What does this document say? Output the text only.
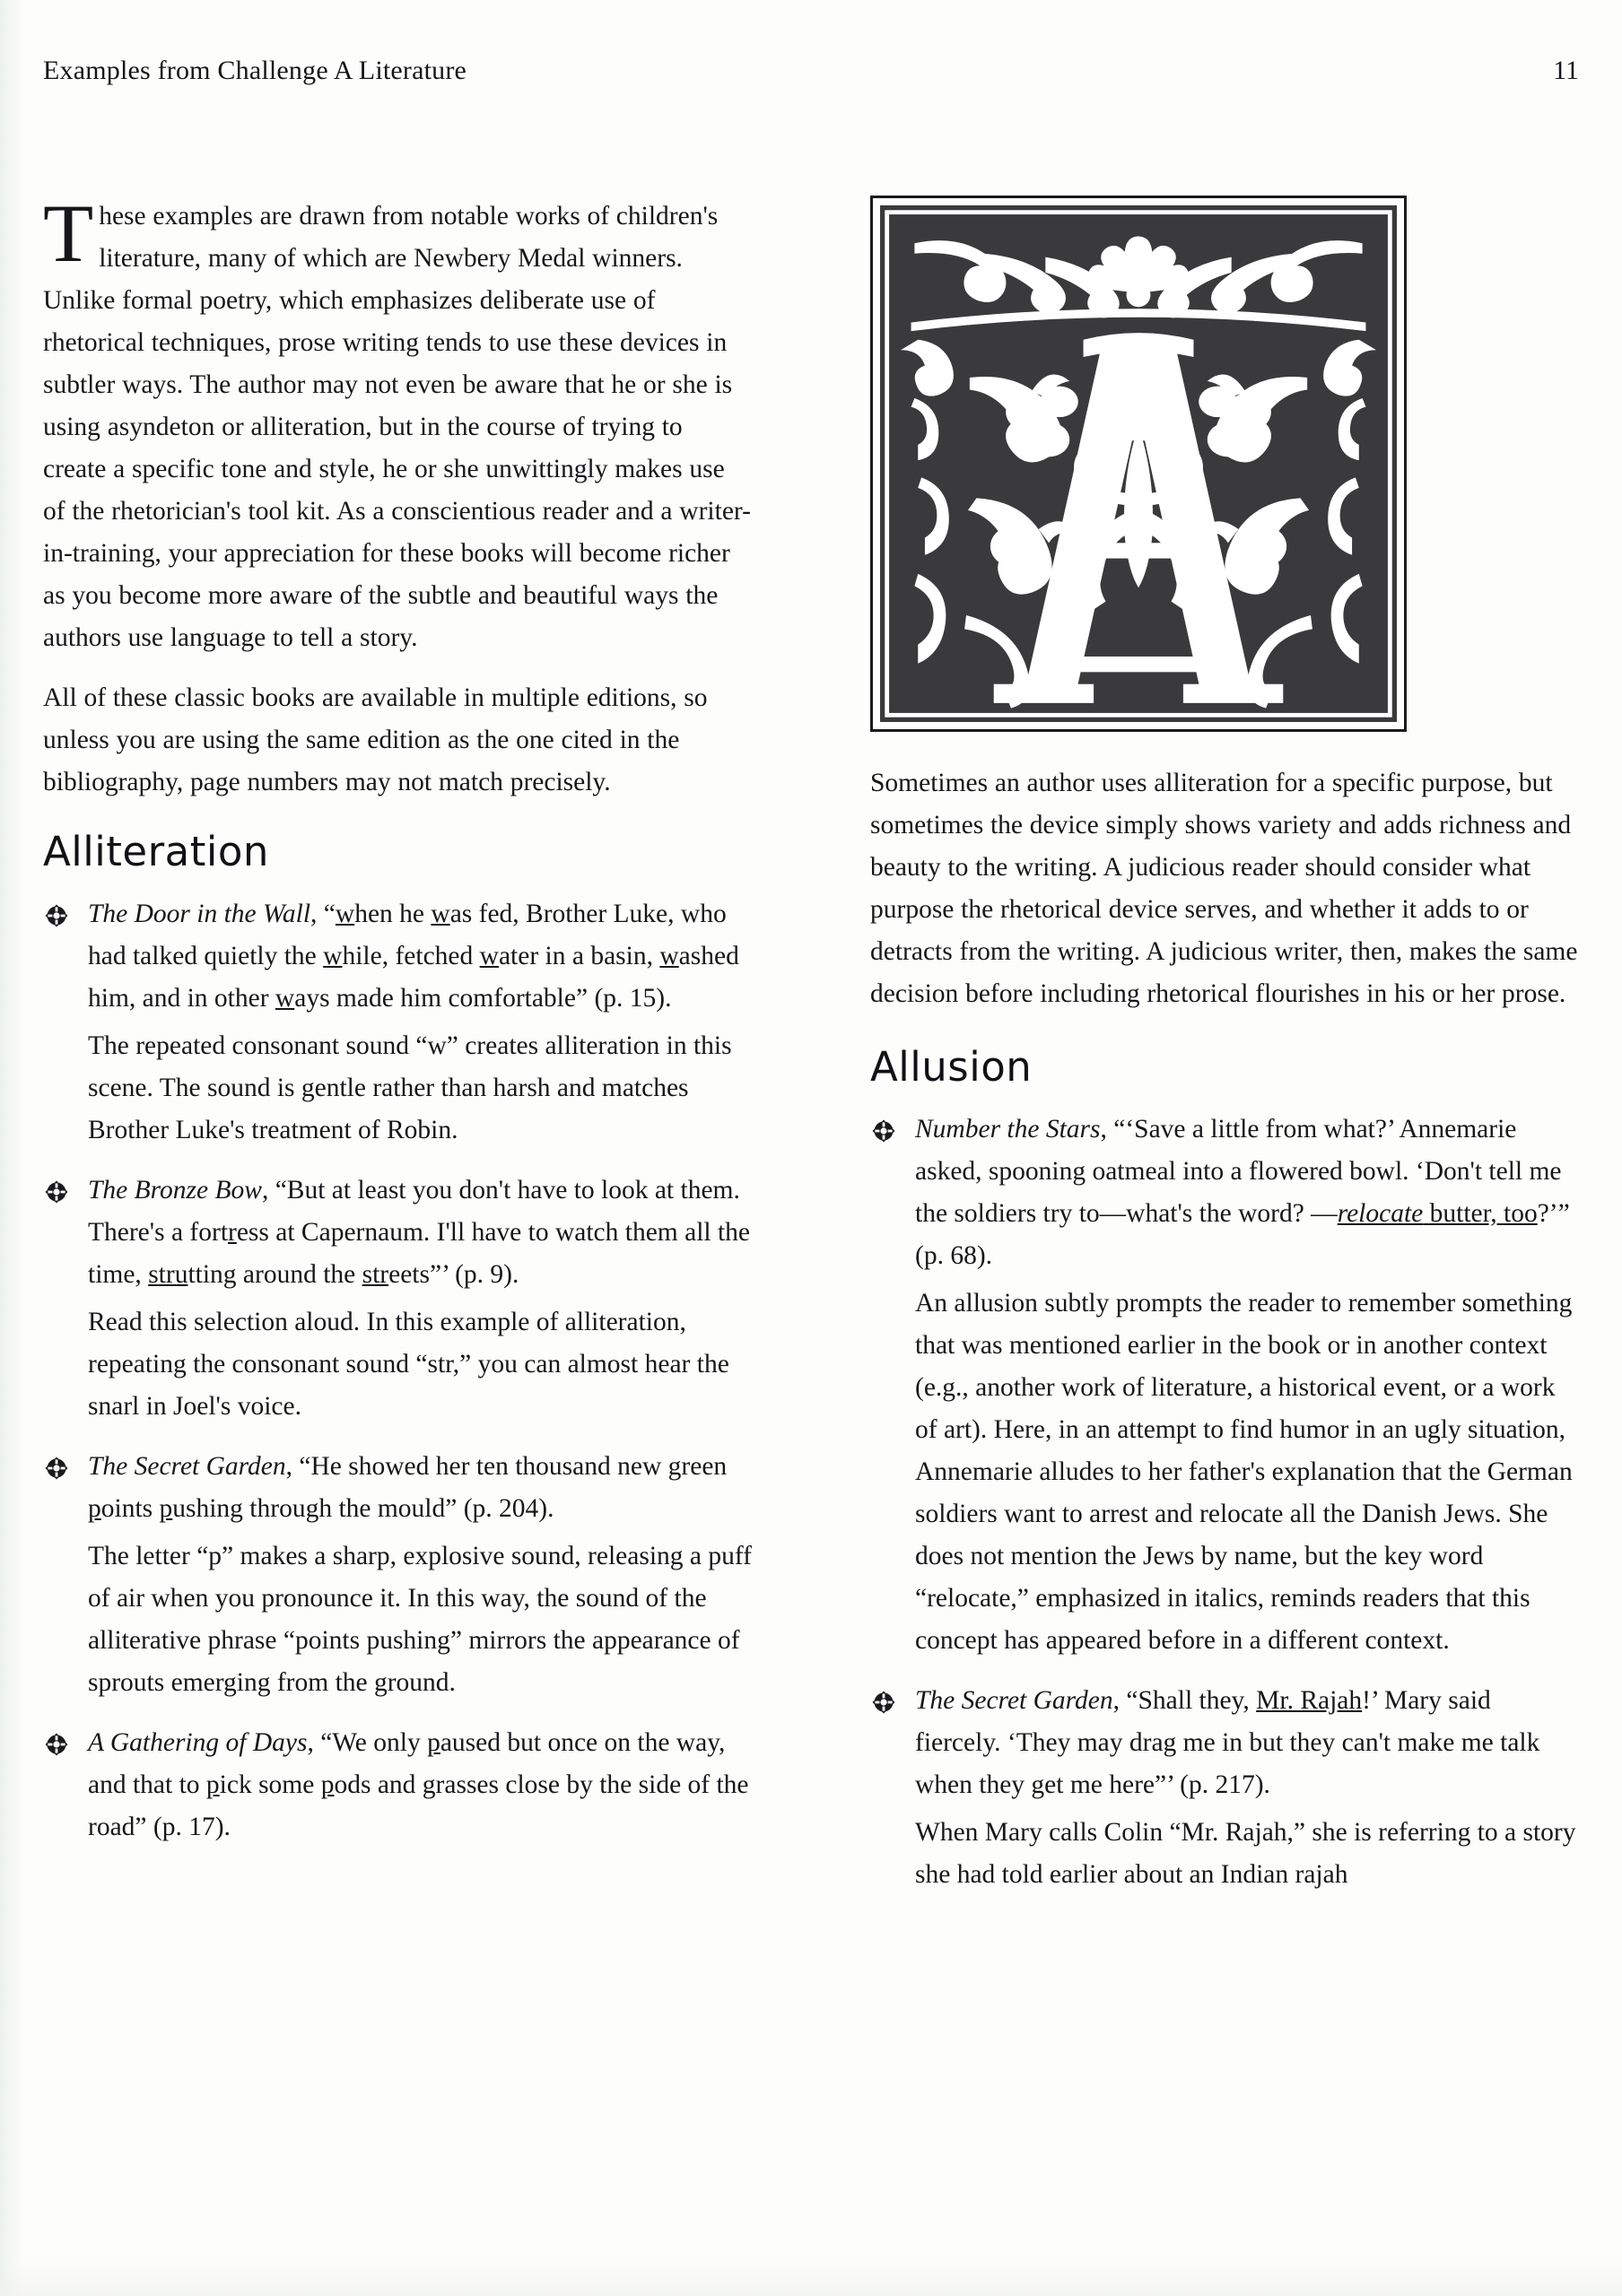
Examples from Challenge A Literature	11

These examples are drawn from notable works of children's literature, many of which are Newbery Medal winners. Unlike formal poetry, which emphasizes deliberate use of rhetorical techniques, prose writing tends to use these devices in subtler ways. The author may not even be aware that he or she is using asyndeton or alliteration, but in the course of trying to create a specific tone and style, he or she unwittingly makes use of the rhetorician's tool kit. As a conscientious reader and a writer-in-training, your appreciation for these books will become richer as you become more aware of the subtle and beautiful ways the authors use language to tell a story.

All of these classic books are available in multiple editions, so unless you are using the same edition as the one cited in the bibliography, page numbers may not match precisely.

Alliteration

The Door in the Wall, “when he was fed, Brother Luke, who had talked quietly the while, fetched water in a basin, washed him, and in other ways made him comfortable” (p. 15).

The repeated consonant sound “w” creates alliteration in this scene. The sound is gentle rather than harsh and matches Brother Luke's treatment of Robin.

The Bronze Bow, “But at least you don't have to look at them. There's a fortress at Capernaum. I'll have to watch them all the time, strutting around the streets”’ (p. 9).

Read this selection aloud. In this example of alliteration, repeating the consonant sound “str,” you can almost hear the snarl in Joel's voice.

The Secret Garden, “He showed her ten thousand new green points pushing through the mould” (p. 204).

The letter “p” makes a sharp, explosive sound, releasing a puff of air when you pronounce it. In this way, the sound of the alliterative phrase “points pushing” mirrors the appearance of sprouts emerging from the ground.

A Gathering of Days, “We only paused but once on the way, and that to pick some pods and grasses close by the side of the road” (p. 17).

Sometimes an author uses alliteration for a specific purpose, but sometimes the device simply shows variety and adds richness and beauty to the writing. A judicious reader should consider what purpose the rhetorical device serves, and whether it adds to or detracts from the writing. A judicious writer, then, makes the same decision before including rhetorical flourishes in his or her prose.

Allusion

Number the Stars, “‘Save a little from what?’ Annemarie asked, spooning oatmeal into a flowered bowl. ‘Don't tell me the soldiers try to—what's the word? —relocate butter, too?’” (p. 68).

An allusion subtly prompts the reader to remember something that was mentioned earlier in the book or in another context (e.g., another work of literature, a historical event, or a work of art). Here, in an attempt to find humor in an ugly situation, Annemarie alludes to her father's explanation that the German soldiers want to arrest and relocate all the Danish Jews. She does not mention the Jews by name, but the key word “relocate,” emphasized in italics, reminds readers that this concept has appeared before in a different context.

The Secret Garden, “Shall they, Mr. Rajah!’ Mary said fiercely. ‘They may drag me in but they can't make me talk when they get me here”’ (p. 217).

When Mary calls Colin “Mr. Rajah,” she is referring to a story she had told earlier about an Indian rajah
